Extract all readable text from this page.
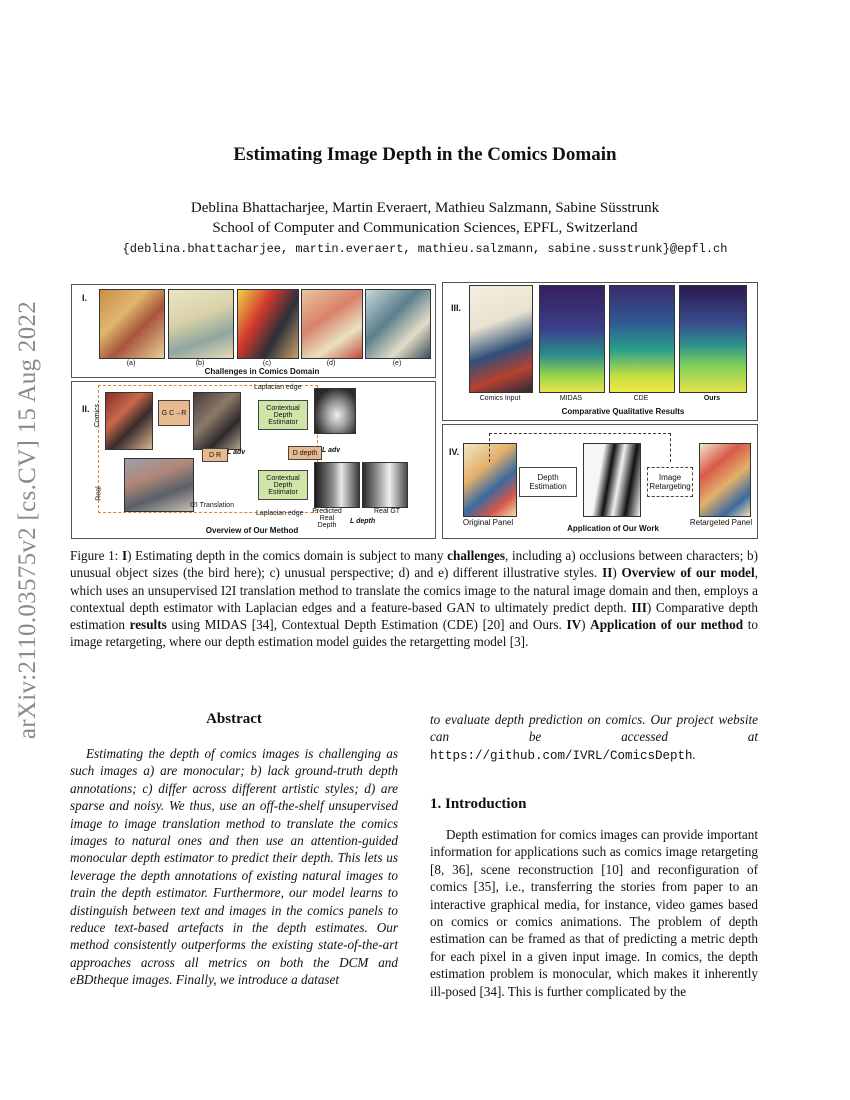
arXiv:2110.03575v2 [cs.CV] 15 Aug 2022
Estimating Image Depth in the Comics Domain
Deblina Bhattacharjee, Martin Everaert, Mathieu Salzmann, Sabine Süsstrunk
School of Computer and Communication Sciences, EPFL, Switzerland
{deblina.bhattacharjee, martin.everaert, mathieu.salzmann, sabine.susstrunk}@epfl.ch
I.
(a)	(b)	(c)	(d)	(e)
Challenges in Comics Domain
II. Comics
Real
G C→R
D R L adv
I2I Translation
Laplacian edge
Contextual Depth Estimator
D depth L adv
Contextual Depth Estimator
Laplacian edge	Predicted Real Depth
L depth
Real GT
Overview of Our Method
III.
Comics Input	MIDAS	CDE	Ours
Comparative Qualitative Results
IV.
Depth Estimation
Image Retargeting
Original Panel
Application of Our Work
Retargeted Panel
Figure 1: I) Estimating depth in the comics domain is subject to many challenges, including a) occlusions between characters; b) unusual object sizes (the bird here); c) unusual perspective; d) and e) different illustrative styles. II) Overview of our model, which uses an unsupervised I2I translation method to translate the comics image to the natural image domain and then, employs a contextual depth estimator with Laplacian edges and a feature-based GAN to ultimately predict depth. III) Comparative depth estimation results using MIDAS [34], Contextual Depth Estimation (CDE) [20] and Ours. IV) Application of our method to image retargeting, where our depth estimation model guides the retargetting model [3].
Abstract
Estimating the depth of comics images is challenging as such images a) are monocular; b) lack ground-truth depth annotations; c) differ across different artistic styles; d) are sparse and noisy. We thus, use an off-the-shelf unsupervised image to image translation method to translate the comics images to natural ones and then use an attention-guided monocular depth estimator to predict their depth. This lets us leverage the depth annotations of existing natural images to train the depth estimator. Furthermore, our model learns to distinguish between text and images in the comics panels to reduce text-based artefacts in the depth estimates. Our method consistently outperforms the existing state-of-the-art approaches across all metrics on both the DCM and eBDtheque images. Finally, we introduce a dataset
to evaluate depth prediction on comics. Our project website can be accessed at https://github.com/IVRL/ComicsDepth.
1. Introduction
Depth estimation for comics images can provide important information for applications such as comics image retargeting [8, 36], scene reconstruction [10] and reconfiguration of comics [35], i.e., transferring the stories from paper to an interactive graphical media, for instance, video games based on comics or comics animations. The problem of depth estimation can be framed as that of predicting a metric depth for each pixel in a given input image. In comics, the depth estimation problem is monocular, which makes it inherently ill-posed [34]. This is further complicated by the
